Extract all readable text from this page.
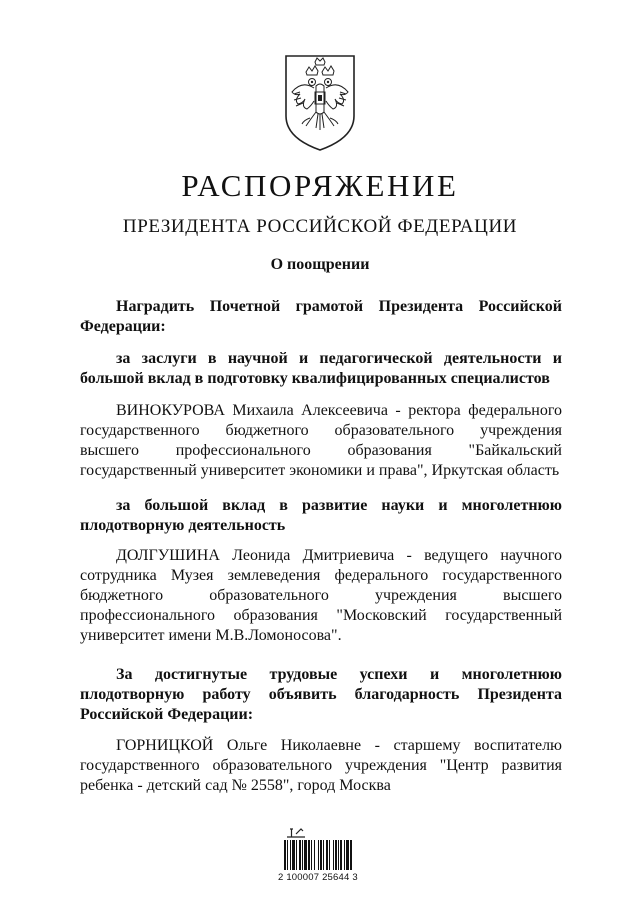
РАСПОРЯЖЕНИЕ
ПРЕЗИДЕНТА РОССИЙСКОЙ ФЕДЕРАЦИИ
О поощрении
Наградить Почетной грамотой Президента Российской
Федерации:
за заслуги в научной и педагогической деятельности и
большой вклад в подготовку квалифицированных специалистов
ВИНОКУРОВА Михаила Алексеевича - ректора федерального
государственного бюджетного образовательного учреждения
высшего профессионального образования "Байкальский
государственный университет экономики и права", Иркутская область
за большой вклад в развитие науки и многолетнюю
плодотворную деятельность
ДОЛГУШИНА Леонида Дмитриевича - ведущего научного
сотрудника Музея землеведения федерального государственного
бюджетного образовательного учреждения высшего
профессионального образования "Московский государственный
университет имени М.В.Ломоносова".
За достигнутые трудовые успехи и многолетнюю
плодотворную работу объявить благодарность Президента
Российской Федерации:
ГОРНИЦКОЙ Ольге Николаевне - старшему воспитателю
государственного образовательного учреждения "Центр развития
ребенка - детский сад № 2558", город Москва
2 100007 25644 3
